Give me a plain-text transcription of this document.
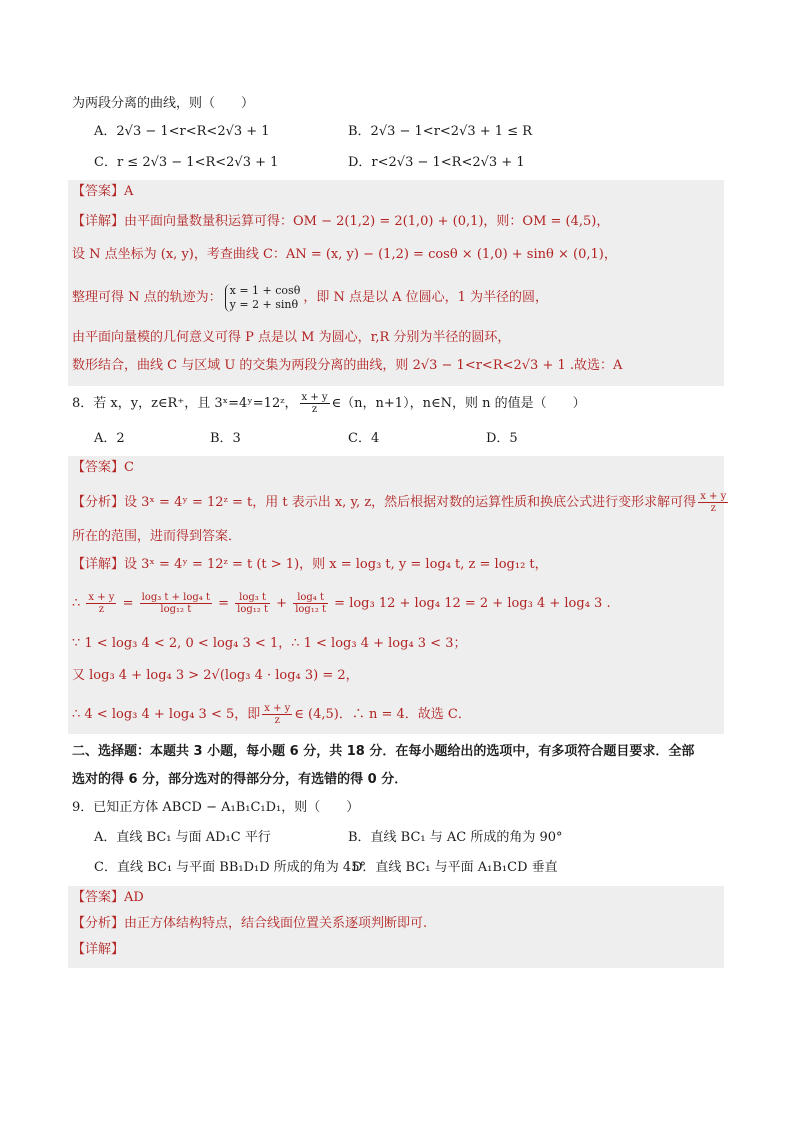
为两段分离的曲线，则（　　）
A．2√3 − 1<r<R<2√3 + 1	B．2√3 − 1<r<2√3 + 1 ≤ R
C．r ≤ 2√3 − 1<R<2√3 + 1	D．r<2√3 − 1<R<2√3 + 1
【答案】A
【详解】由平面向量数量积运算可得：OM − 2(1,2) = 2(1,0) + (0,1)，则：OM = (4,5)，
设 N 点坐标为 (x, y)，考查曲线 C：AN = (x, y) − (1,2) = cosθ × (1,0) + sinθ × (0,1)，
整理可得 N 点的轨迹为： x = 1 + cosθ
y = 2 + sinθ ，即 N 点是以 A 位圆心，1 为半径的圆，
由平面向量模的几何意义可得 P 点是以 M 为圆心，r,R 分别为半径的圆环，
数形结合，曲线 C 与区域 U 的交集为两段分离的曲线，则 2√3 − 1<r<R<2√3 + 1 .故选：A
8．若 x，y，z∈R⁺，且 3ˣ=4ʸ=12ᶻ， $\frac{x + y}{z}$ ∈（n，n+1），n∈N，则 n 的值是（　　）
A．2	B．3	C．4	D．5
【答案】C
【分析】设 3ˣ = 4ʸ = 12ᶻ = t，用 t 表示出 x, y, z，然后根据对数的运算性质和换底公式进行变形求解可得 $\frac{x + y}{z}$
所在的范围，进而得到答案．
【详解】设 3ˣ = 4ʸ = 12ᶻ = t (t > 1)，则 x = log₃ t, y = log₄ t, z = log₁₂ t，
∴ $\frac{x + y}{z} = \frac{\text{log₃ t + log₄ t}}{\text{log₁₂ t}} = \frac{\text{log₃ t}}{\text{log₁₂ t}} + \frac{\text{log₄ t}}{\text{log₁₂ t}} = \log_3$ 12 + log₄ 12 = 2 + log₃ 4 + log₄ 3 .
∵ 1 < log₃ 4 < 2, 0 < log₄ 3 < 1，∴ 1 < log₃ 4 + log₄ 3 < 3；
又 log₃ 4 + log₄ 3 > 2√(log₃ 4 · log₄ 3) = 2，
∴ 4 < log₃ 4 + log₄ 3 < 5，即 $\frac{x + y}{z}$ ∈ (4,5)．∴ n = 4．故选 C．
二、选择题：本题共 3 小题，每小题 6 分，共 18 分．在每小题给出的选项中，有多项符合题目要求．全部
选对的得 6 分，部分选对的得部分分，有选错的得 0 分．
9．已知正方体 ABCD − A₁B₁C₁D₁，则（　　）
A．直线 BC₁ 与面 AD₁C 平行	B．直线 BC₁ 与 AC 所成的角为 90°
C．直线 BC₁ 与平面 BB₁D₁D 所成的角为 45°
D．直线 BC₁ 与平面 A₁B₁CD 垂直
【答案】AD
【分析】由正方体结构特点，结合线面位置关系逐项判断即可.
【详解】
